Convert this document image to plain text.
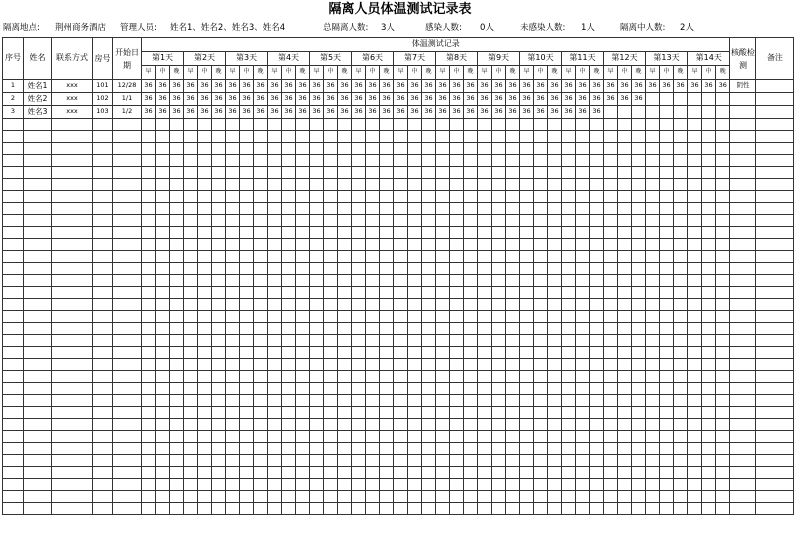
隔离人员体温测试记录表
隔离地点: 荆州商务酒店 管理人员: 姓名1、姓名2、姓名3、姓名4	总隔离人数: 3人	感染人数: 0人	未感染人数: 1人	隔离中人数: 2人
序号	姓名	联系方式	房号	开始日期	体温测试记录																																										核酸检测	备注
					第1天			第2天			第3天			第4天			第5天			第6天			第7天			第8天			第9天			第10天			第11天			第12天			第13天			第14天				
					早	中	晚	早	中	晚	早	中	晚	早	中	晚	早	中	晚	早	中	晚	早	中	晚	早	中	晚	早	中	晚	早	中	晚	早	中	晚	早	中	晚	早	中	晚	早	中	晚		
1	姓名1	xxx	101	12/28	36	36	36	36	36	36	36	36	36	36	36	36	36	36	36	36	36	36	36	36	36	36	36	36	36	36	36	36	36	36	36	36	36	36	36	36	36	36	36	36	36	36	阴性	
2	姓名2	xxx	102	1/1	36	36	36	36	36	36	36	36	36	36	36	36	36	36	36	36	36	36	36	36	36	36	36	36	36	36	36	36	36	36	36	36	36	36	36	36								
3	姓名3	xxx	103	1/2	36	36	36	36	36	36	36	36	36	36	36	36	36	36	36	36	36	36	36	36	36	36	36	36	36	36	36	36	36	36	36	36	36											
